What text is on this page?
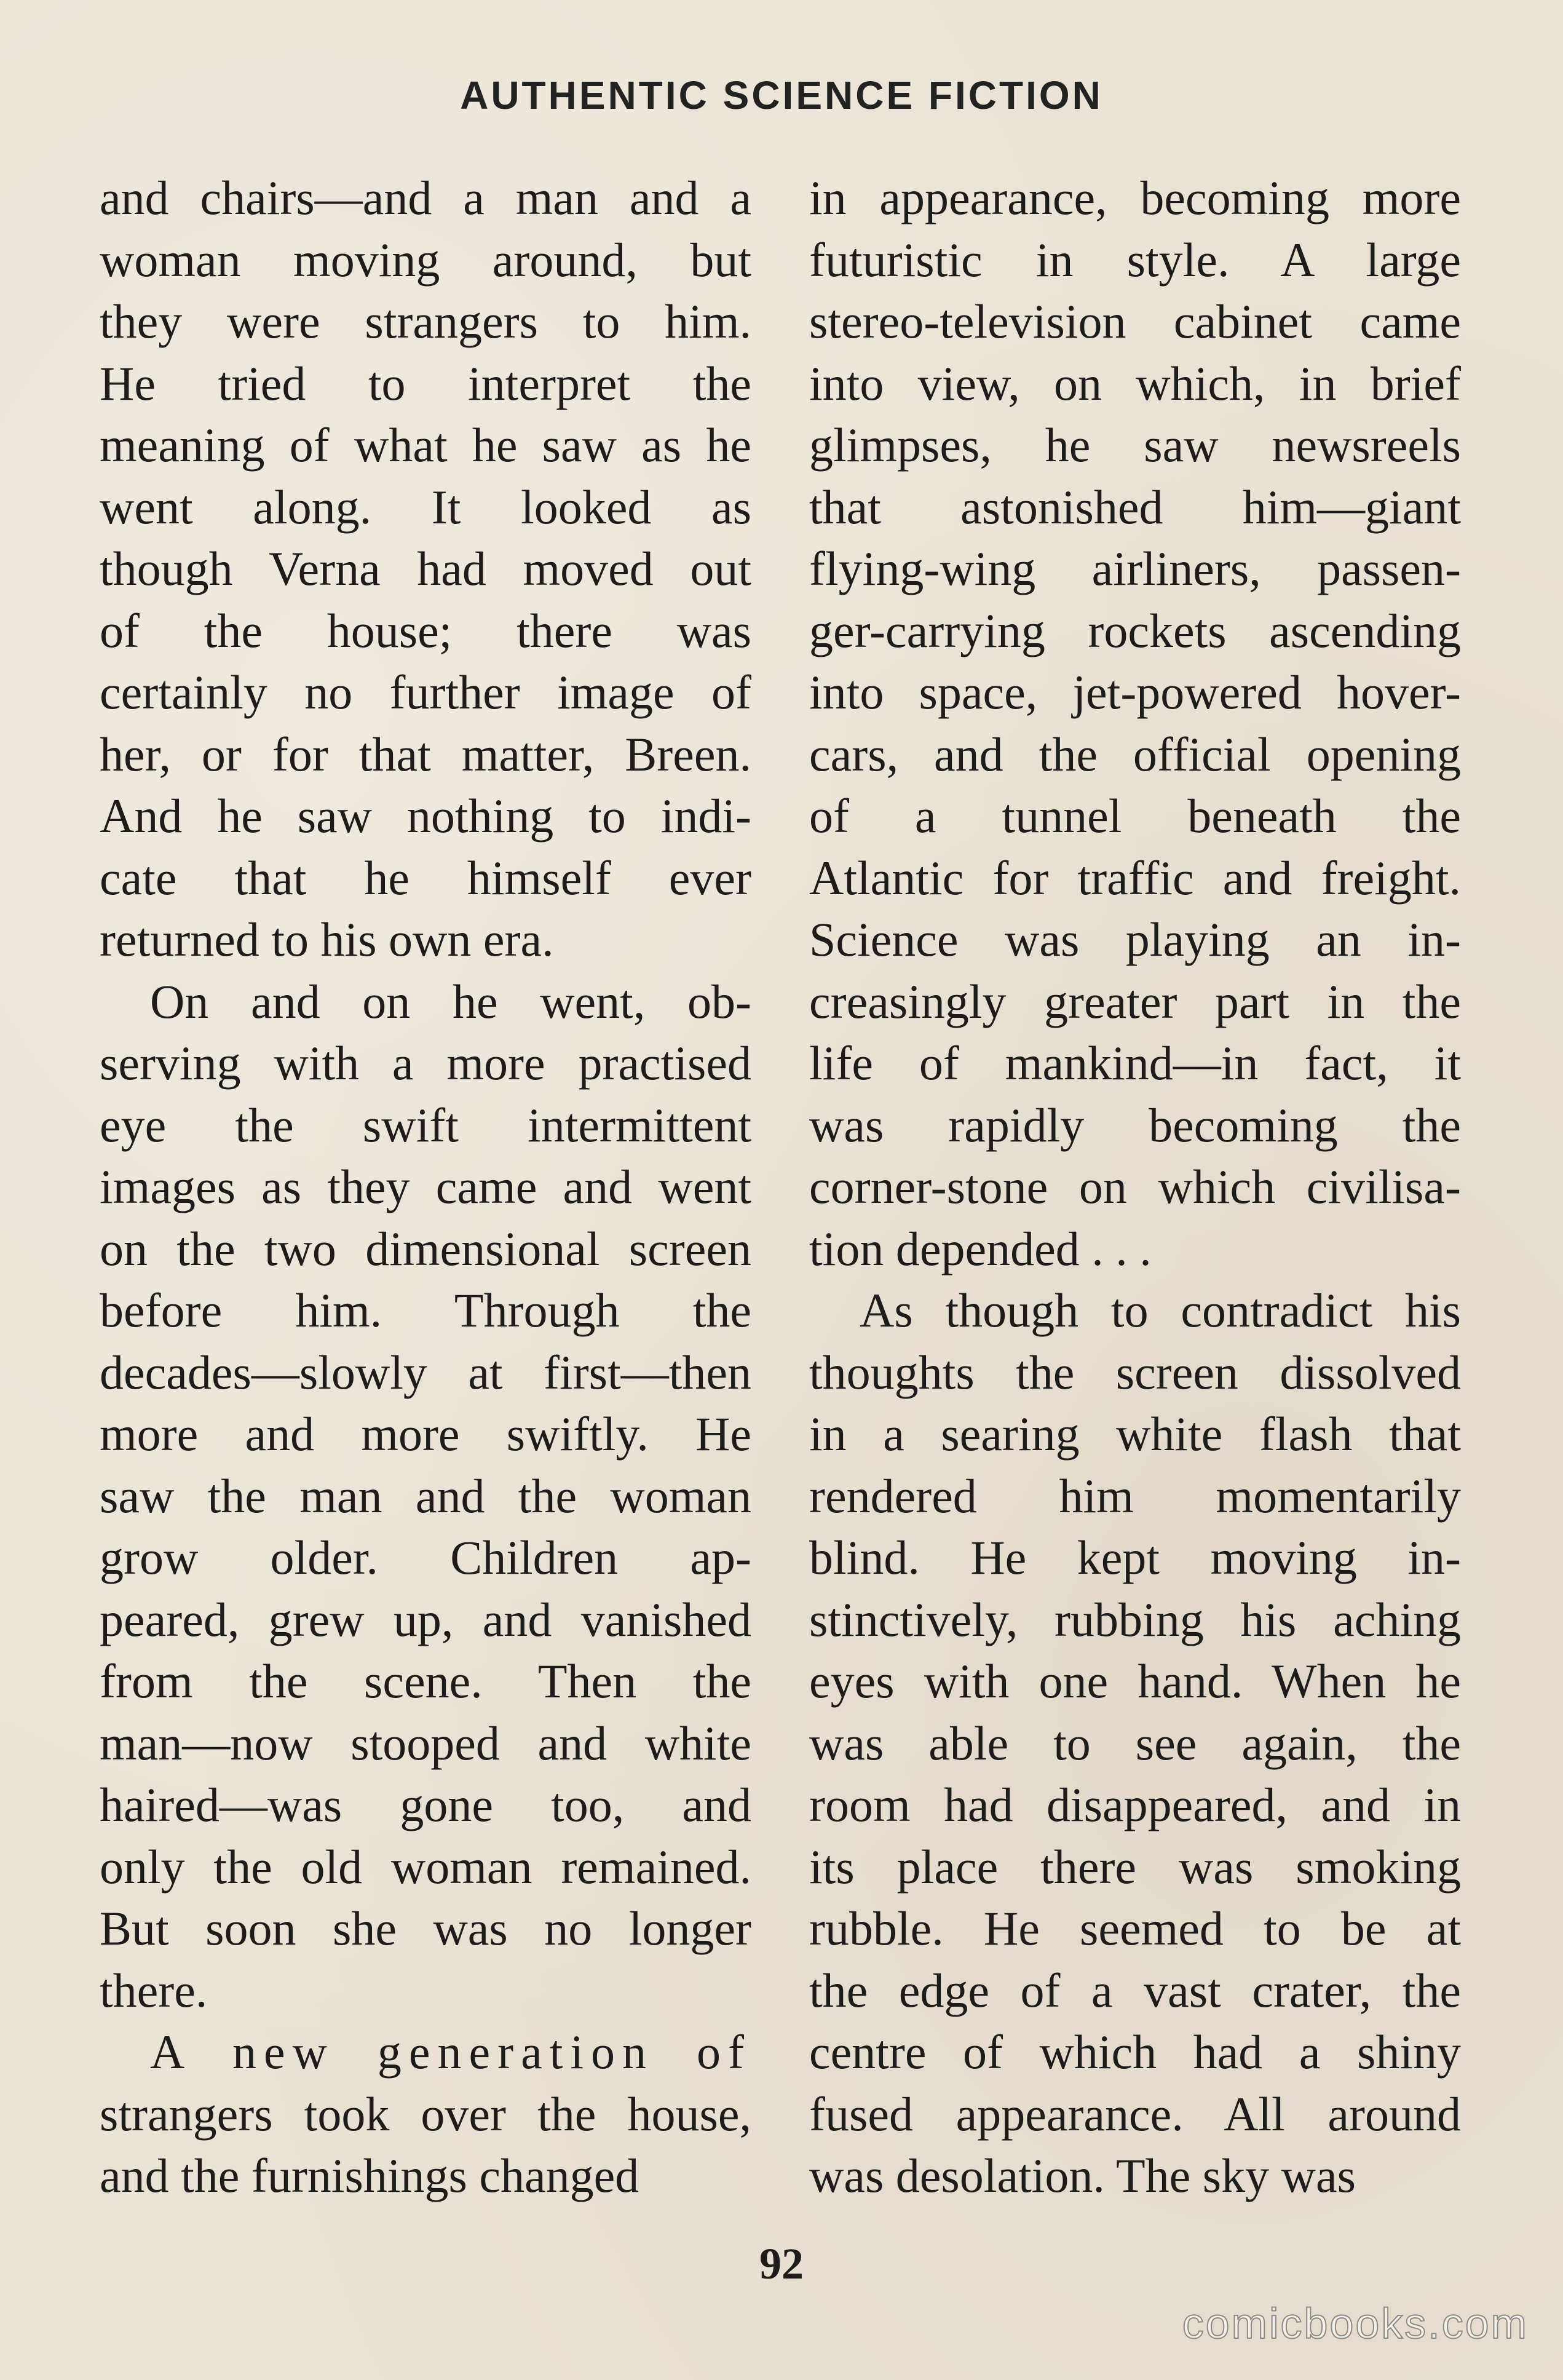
AUTHENTIC SCIENCE FICTION
and chairs—and a man and a
woman moving around, but
they were strangers to him.
He tried to interpret the
meaning of what he saw as he
went along. It looked as
though Verna had moved out
of the house; there was
certainly no further image of
her, or for that matter, Breen.
And he saw nothing to indi-
cate that he himself ever
returned to his own era.
On and on he went, ob-
serving with a more practised
eye the swift intermittent
images as they came and went
on the two dimensional screen
before him. Through the
decades—slowly at first—then
more and more swiftly. He
saw the man and the woman
grow older. Children ap-
peared, grew up, and vanished
from the scene. Then the
man—now stooped and white
haired—was gone too, and
only the old woman remained.
But soon she was no longer
there.
A new generation of
strangers took over the house,
and the furnishings changed
in appearance, becoming more
futuristic in style. A large
stereo-television cabinet came
into view, on which, in brief
glimpses, he saw newsreels
that astonished him—giant
flying-wing airliners, passen-
ger-carrying rockets ascending
into space, jet-powered hover-
cars, and the official opening
of a tunnel beneath the
Atlantic for traffic and freight.
Science was playing an in-
creasingly greater part in the
life of mankind—in fact, it
was rapidly becoming the
corner-stone on which civilisa-
tion depended . . .
As though to contradict his
thoughts the screen dissolved
in a searing white flash that
rendered him momentarily
blind. He kept moving in-
stinctively, rubbing his aching
eyes with one hand. When he
was able to see again, the
room had disappeared, and in
its place there was smoking
rubble. He seemed to be at
the edge of a vast crater, the
centre of which had a shiny
fused appearance. All around
was desolation. The sky was
92
comicbooks.com
